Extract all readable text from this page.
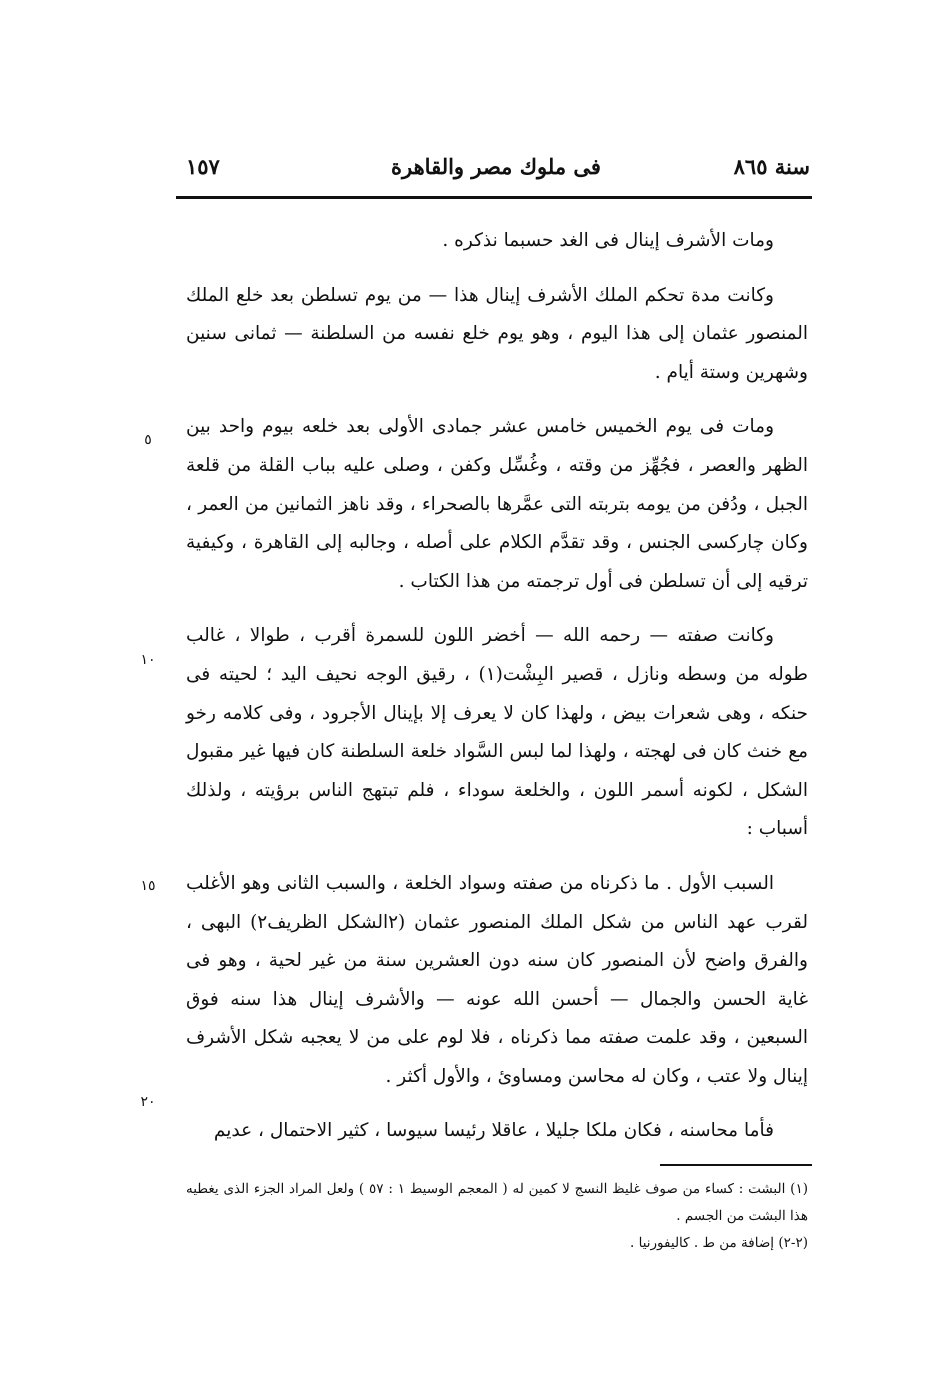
سنة ٨٦٥
فى ملوك مصر والقاهرة
١٥٧

ومات الأشرف إينال فى الغد حسبما نذكره .

وكانت مدة تحكم الملك الأشرف إينال هذا — من يوم تسلطن بعد خلع الملك المنصور عثمان إلى هذا اليوم ، وهو يوم خلع نفسه من السلطنة — ثمانى سنين وشهرين وستة أيام .

ومات فى يوم الخميس خامس عشر جمادى الأولى بعد خلعه بيوم واحد بين الظهر والعصر ، فجُهِّز من وقته ، وغُسِّل وكفن ، وصلى عليه بباب القلة من قلعة الجبل ، ودُفن من يومه بتربته التى عمَّرها بالصحراء ، وقد ناهز الثمانين من العمر ، وكان چاركسى الجنس ، وقد تقدَّم الكلام على أصله ، وجالبه إلى القاهرة ، وكيفية ترقيه إلى أن تسلطن فى أول ترجمته من هذا الكتاب .

وكانت صفته — رحمه الله — أخضر اللون للسمرة أقرب ، طوالا ، غالب طوله من وسطه ونازل ، قصير البِشْت(١) ، رقيق الوجه نحيف اليد ؛ لحيته فى حنكه ، وهى شعرات بيض ، ولهذا كان لا يعرف إلا بإينال الأجرود ، وفى كلامه رخو مع خنث كان فى لهجته ، ولهذا لما لبس السَّواد خلعة السلطنة كان فيها غير مقبول الشكل ، لكونه أسمر اللون ، والخلعة سوداء ، فلم تبتهج الناس برؤيته ، ولذلك أسباب :

السبب الأول . ما ذكرناه من صفته وسواد الخلعة ، والسبب الثانى وهو الأغلب لقرب عهد الناس من شكل الملك المنصور عثمان (٢الشكل الظريف٢) البهى ، والفرق واضح لأن المنصور كان سنه دون العشرين سنة من غير لحية ، وهو فى غاية الحسن والجمال — أحسن الله عونه — والأشرف إينال هذا سنه فوق السبعين ، وقد علمت صفته مما ذكرناه ، فلا لوم على من لا يعجبه شكل الأشرف إينال ولا عتب ، وكان له محاسن ومساوئ ، والأول أكثر .

فأما محاسنه ، فكان ملكا جليلا ، عاقلا رئيسا سيوسا ، كثير الاحتمال ، عديم

٥
١٠
١٥
٢٠

(١) البشت : كساء من صوف غليظ النسج لا كمين له ( المعجم الوسيط ١ : ٥٧ ) ولعل المراد الجزء الذى يغطيه هذا البشت من الجسم .

(٢-٢) إضافة من ط . كاليفورنيا .
